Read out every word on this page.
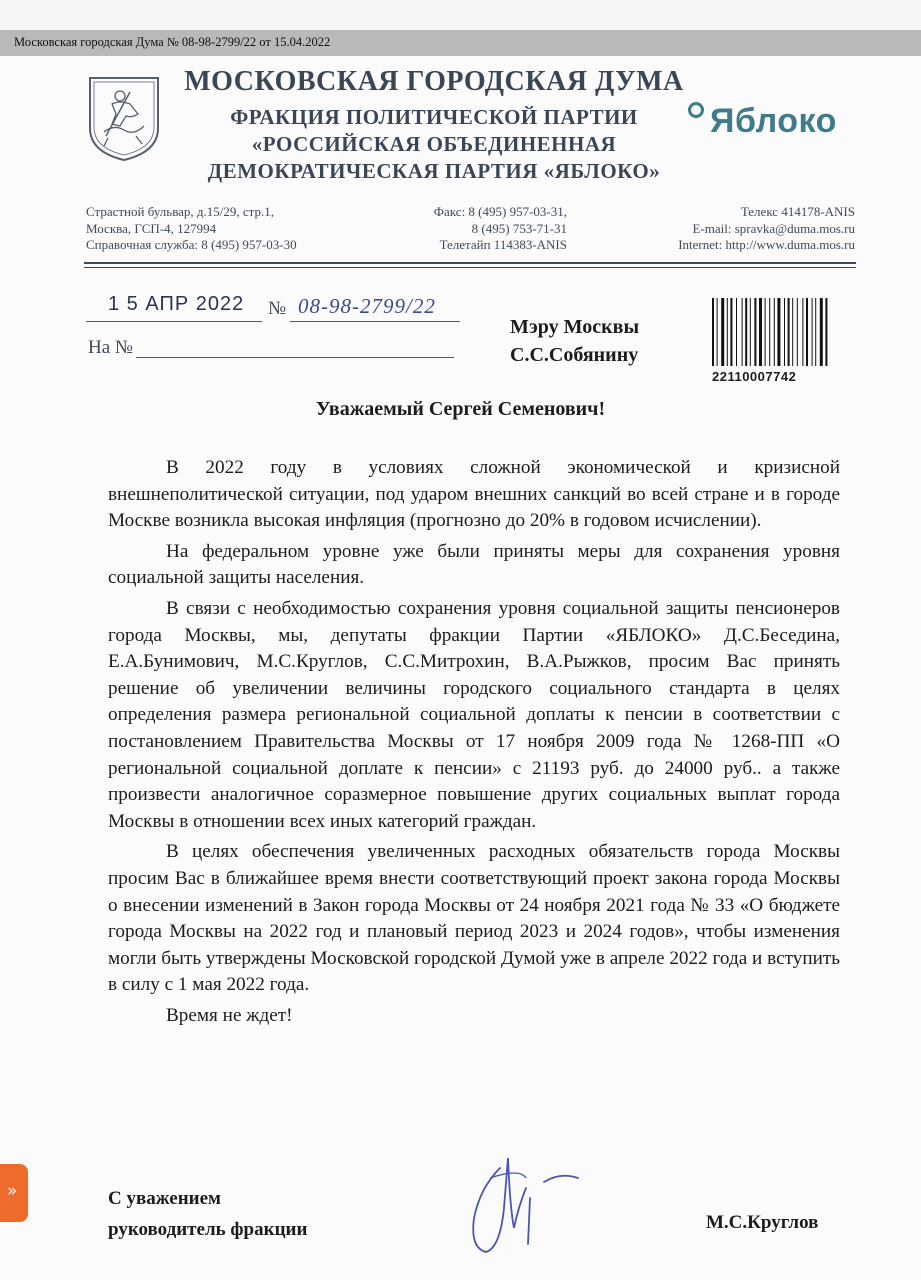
Московская городская Дума № 08-98-2799/22 от 15.04.2022
МОСКОВСКАЯ ГОРОДСКАЯ ДУМА
ФРАКЦИЯ ПОЛИТИЧЕСКОЙ ПАРТИИ
«РОССИЙСКАЯ ОБЪЕДИНЕННАЯ
ДЕМОКРАТИЧЕСКАЯ ПАРТИЯ «ЯБЛОКО»
Яблоко
Страстной бульвар, д.15/29, стр.1,
Москва, ГСП-4, 127994
Справочная служба: 8 (495) 957-03-30
Факс: 8 (495) 957-03-31,
8 (495) 753-71-31
Телетайп 114383-ANIS
Телекс 414178-ANIS
E-mail: spravka@duma.mos.ru
Internet: http://www.duma.mos.ru
1 5 АПР 2022 № 08-98-2799/22
На №
Мэру Москвы
С.С.Собянину
22110007742
Уважаемый Сергей Семенович!

В 2022 году в условиях сложной экономической и кризисной внешнеполитической ситуации, под ударом внешних санкций во всей стране и в городе Москве возникла высокая инфляция (прогнозно до 20% в годовом исчислении).

На федеральном уровне уже были приняты меры для сохранения уровня социальной защиты населения.

В связи с необходимостью сохранения уровня социальной защиты пенсионеров города Москвы, мы, депутаты фракции Партии «ЯБЛОКО» Д.С.Беседина, Е.А.Бунимович, М.С.Круглов, С.С.Митрохин, В.А.Рыжков, просим Вас принять решение об увеличении величины городского социального стандарта в целях определения размера региональной социальной доплаты к пенсии в соответствии с постановлением Правительства Москвы от 17 ноября 2009 года № 1268-ПП «О региональной социальной доплате к пенсии» с 21193 руб. до 24000 руб.. а также произвести аналогичное соразмерное повышение других социальных выплат города Москвы в отношении всех иных категорий граждан.

В целях обеспечения увеличенных расходных обязательств города Москвы просим Вас в ближайшее время внести соответствующий проект закона города Москвы о внесении изменений в Закон города Москвы от 24 ноября 2021 года № 33 «О бюджете города Москвы на 2022 год и плановый период 2023 и 2024 годов», чтобы изменения могли быть утверждены Московской городской Думой уже в апреле 2022 года и вступить в силу с 1 мая 2022 года.

Время не ждет!

С уважением
руководитель фракции	М.С.Круглов
»
